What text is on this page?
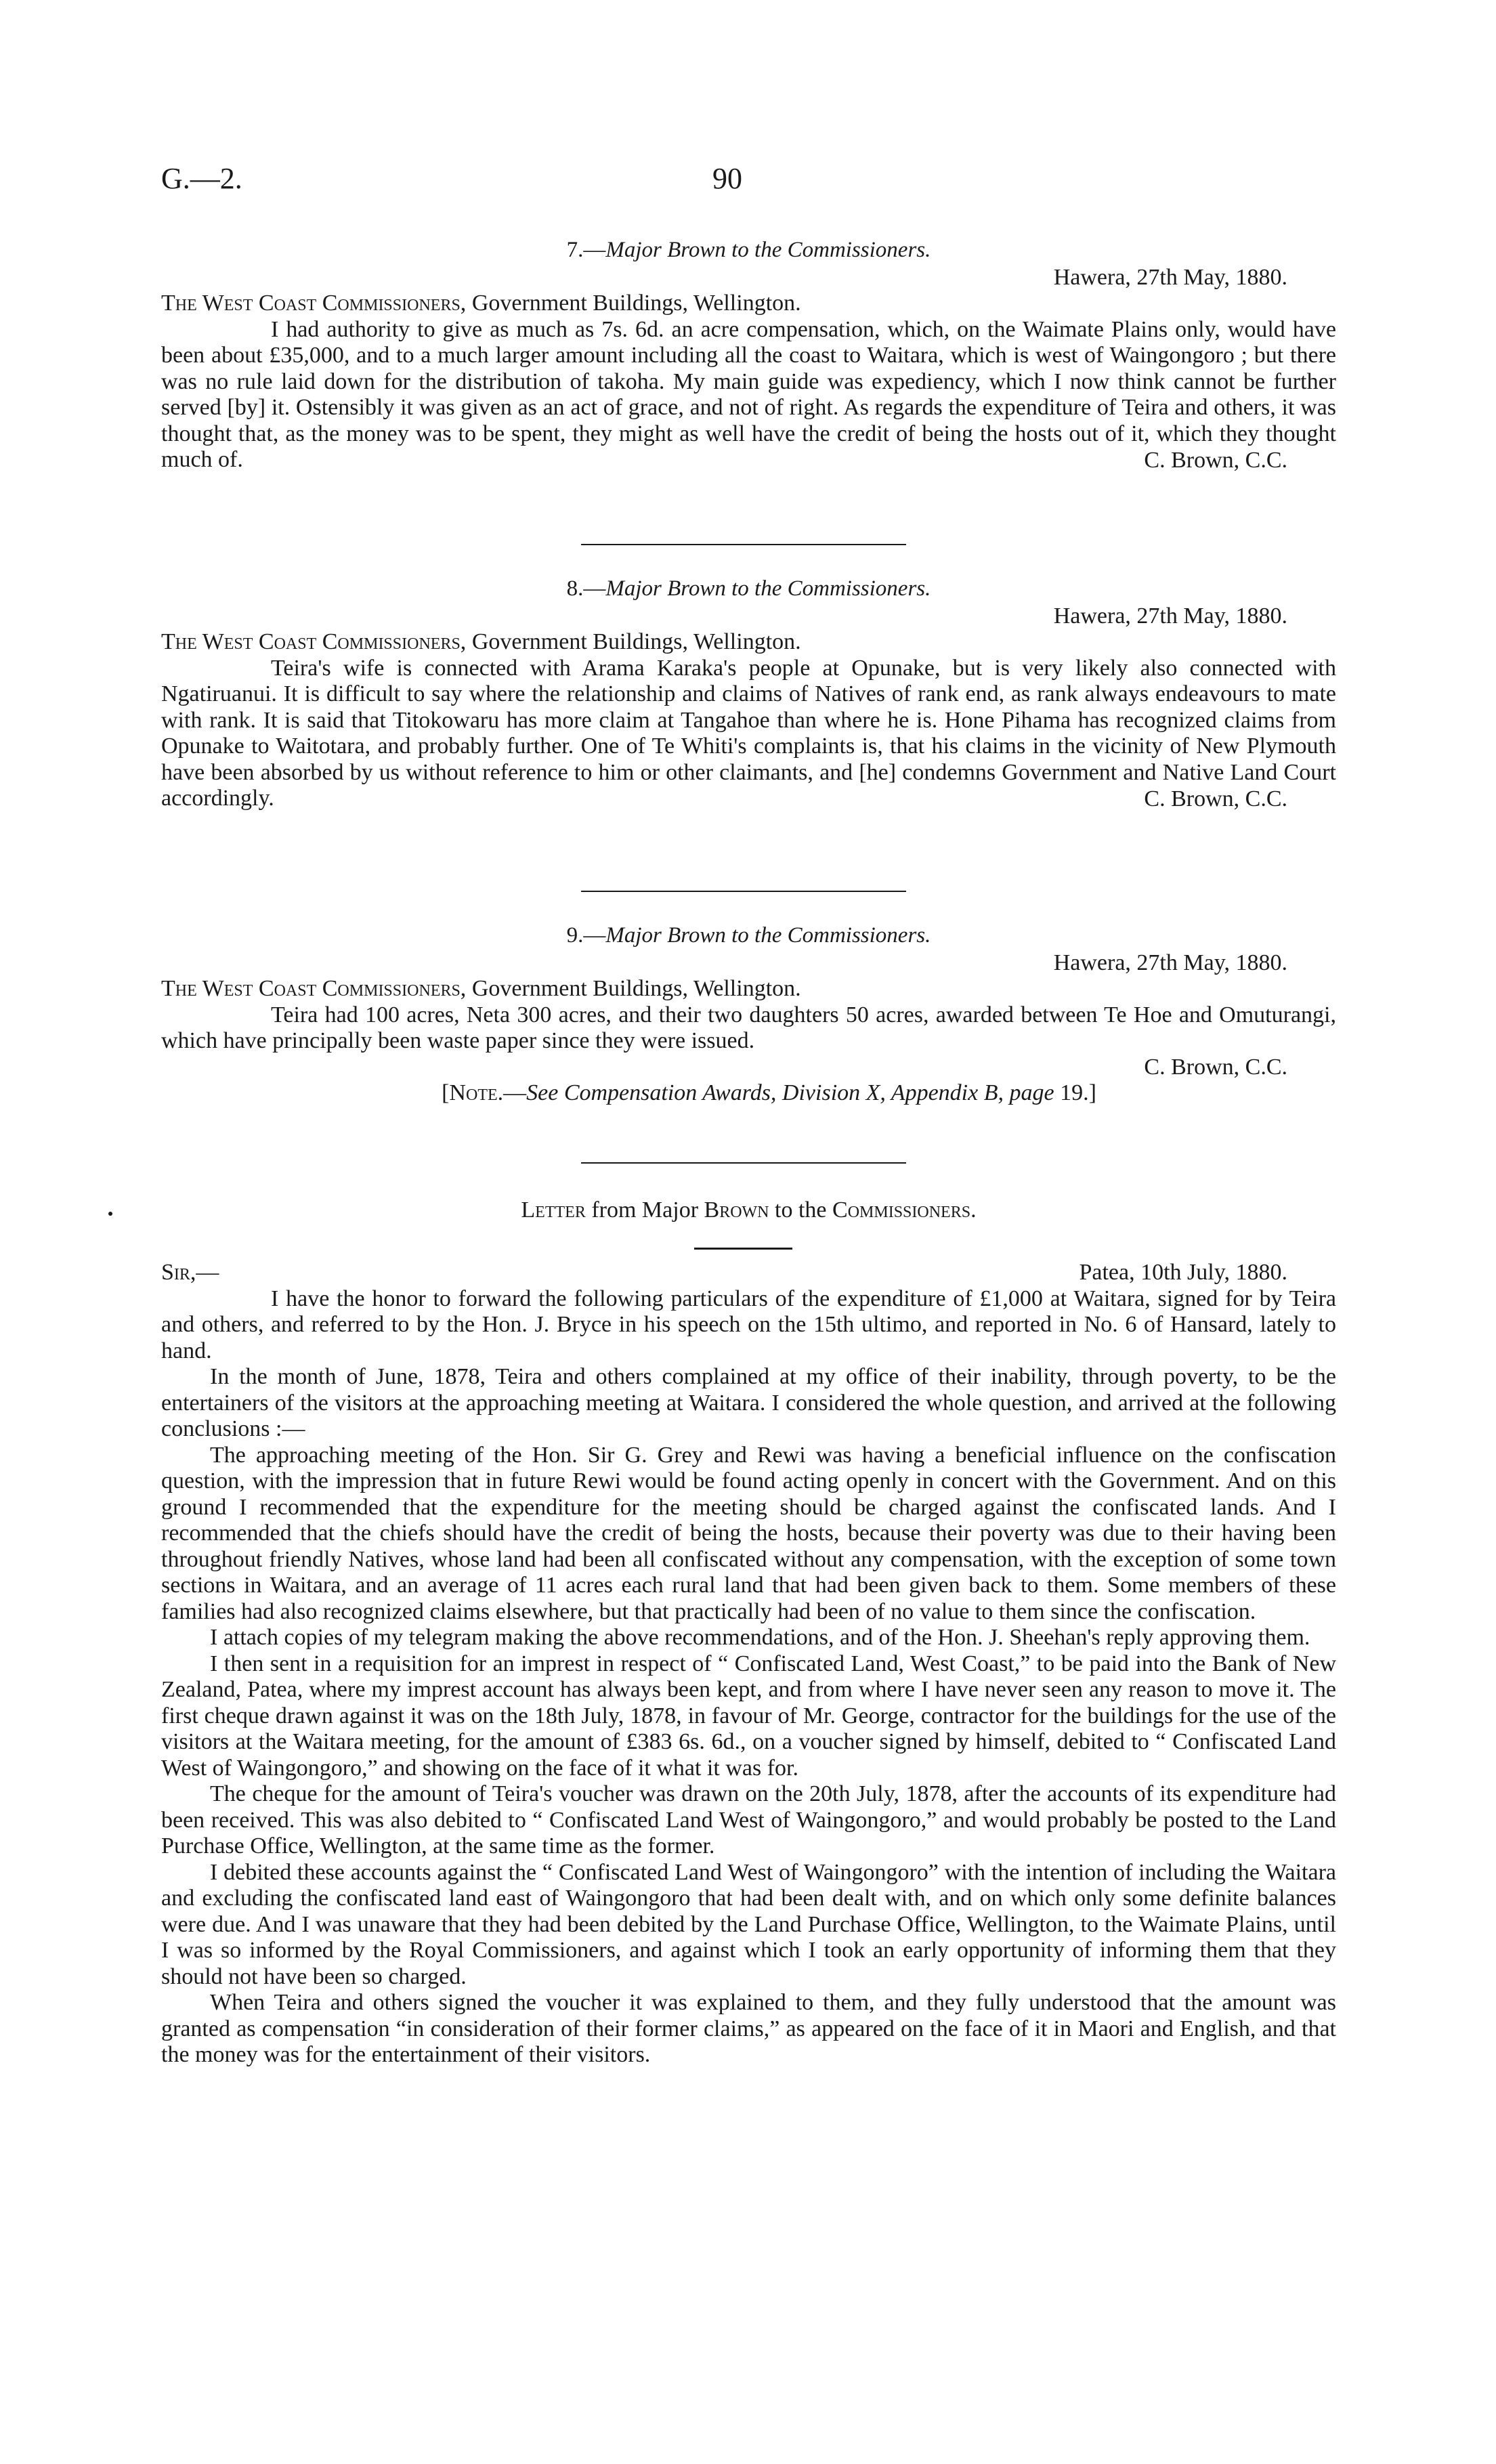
G.—2.	90
7.—Major Brown to the Commissioners.
Hawera, 27th May, 1880.
The West Coast Commissioners, Government Buildings, Wellington.
I had authority to give as much as 7s. 6d. an acre compensation, which, on the Waimate Plains only, would have been about £35,000, and to a much larger amount including all the coast to Waitara, which is west of Waingongoro ; but there was no rule laid down for the distribution of takoha. My main guide was expediency, which I now think cannot be further served [by] it. Ostensibly it was given as an act of grace, and not of right. As regards the expenditure of Teira and others, it was thought that, as the money was to be spent, they might as well have the credit of being the hosts out of it, which they thought much of.	C. Brown, C.C.
8.—Major Brown to the Commissioners.
Hawera, 27th May, 1880.
The West Coast Commissioners, Government Buildings, Wellington.
Teira's wife is connected with Arama Karaka's people at Opunake, but is very likely also connected with Ngatiruanui. It is difficult to say where the relationship and claims of Natives of rank end, as rank always endeavours to mate with rank. It is said that Titokowaru has more claim at Tangahoe than where he is. Hone Pihama has recognized claims from Opunake to Waitotara, and probably further. One of Te Whiti's complaints is, that his claims in the vicinity of New Plymouth have been absorbed by us without reference to him or other claimants, and [he] condemns Government and Native Land Court accordingly.	C. Brown, C.C.
9.—Major Brown to the Commissioners.
Hawera, 27th May, 1880.
The West Coast Commissioners, Government Buildings, Wellington.
Teira had 100 acres, Neta 300 acres, and their two daughters 50 acres, awarded between Te Hoe and Omuturangi, which have principally been waste paper since they were issued.
C. Brown, C.C.
[Note.—See Compensation Awards, Division X, Appendix B, page 19.]
Letter from Major Brown to the Commissioners.
Sir,—	Patea, 10th July, 1880.
I have the honor to forward the following particulars of the expenditure of £1,000 at Waitara, signed for by Teira and others, and referred to by the Hon. J. Bryce in his speech on the 15th ultimo, and reported in No. 6 of Hansard, lately to hand.
In the month of June, 1878, Teira and others complained at my office of their inability, through poverty, to be the entertainers of the visitors at the approaching meeting at Waitara. I considered the whole question, and arrived at the following conclusions :—
The approaching meeting of the Hon. Sir G. Grey and Rewi was having a beneficial influence on the confiscation question, with the impression that in future Rewi would be found acting openly in concert with the Government. And on this ground I recommended that the expenditure for the meeting should be charged against the confiscated lands. And I recommended that the chiefs should have the credit of being the hosts, because their poverty was due to their having been throughout friendly Natives, whose land had been all confiscated without any compensation, with the exception of some town sections in Waitara, and an average of 11 acres each rural land that had been given back to them. Some members of these families had also recognized claims elsewhere, but that practically had been of no value to them since the confiscation.
I attach copies of my telegram making the above recommendations, and of the Hon. J. Sheehan's reply approving them.
I then sent in a requisition for an imprest in respect of “ Confiscated Land, West Coast,” to be paid into the Bank of New Zealand, Patea, where my imprest account has always been kept, and from where I have never seen any reason to move it. The first cheque drawn against it was on the 18th July, 1878, in favour of Mr. George, contractor for the buildings for the use of the visitors at the Waitara meeting, for the amount of £383 6s. 6d., on a voucher signed by himself, debited to “ Confiscated Land West of Waingongoro,” and showing on the face of it what it was for.
The cheque for the amount of Teira's voucher was drawn on the 20th July, 1878, after the accounts of its expenditure had been received. This was also debited to “ Confiscated Land West of Waingongoro,” and would probably be posted to the Land Purchase Office, Wellington, at the same time as the former.
I debited these accounts against the “ Confiscated Land West of Waingongoro” with the intention of including the Waitara and excluding the confiscated land east of Waingongoro that had been dealt with, and on which only some definite balances were due. And I was unaware that they had been debited by the Land Purchase Office, Wellington, to the Waimate Plains, until I was so informed by the Royal Commissioners, and against which I took an early opportunity of informing them that they should not have been so charged.
When Teira and others signed the voucher it was explained to them, and they fully understood that the amount was granted as compensation “in consideration of their former claims,” as appeared on the face of it in Maori and English, and that the money was for the entertainment of their visitors.
